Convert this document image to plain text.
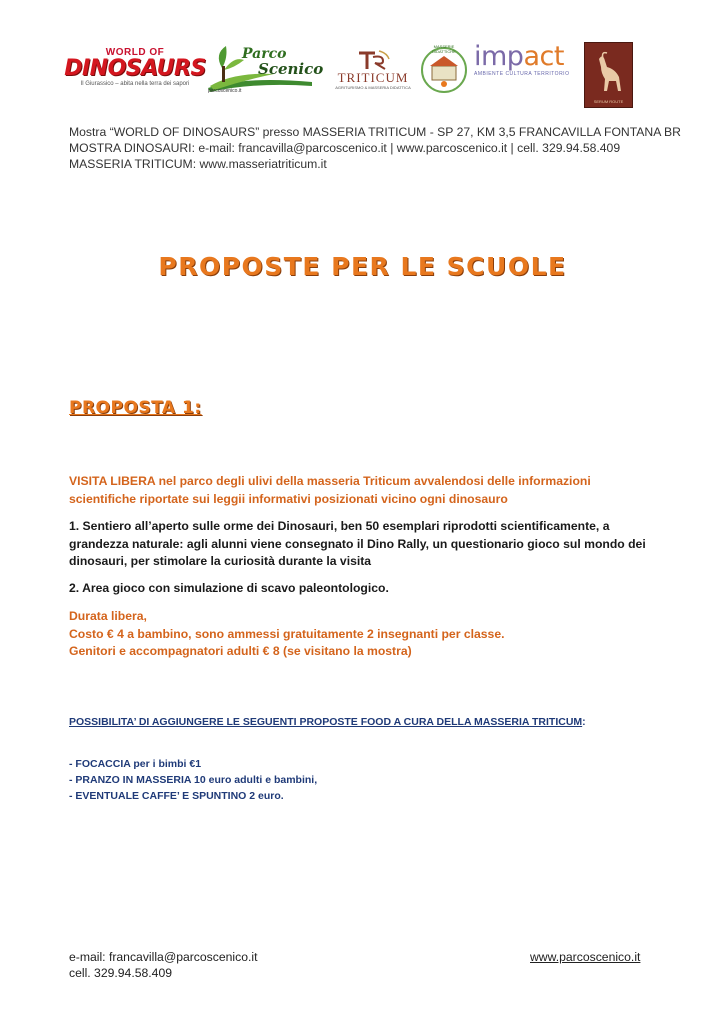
WORLD OF
DINOSAURS
Il Giurassico – abita nella terra dei sapori
Parco
Scenico
parcoscenico.it
TRITICUM
AGRITURISMO & MASSERIA DIDATTICA
MASSERIE DIDATTICHE impact
AMBIENTE CULTURA TERRITORIO
SERUM ROUTE
Mostra “WORLD OF DINOSAURS” presso MASSERIA TRITICUM - SP 27, KM 3,5 FRANCAVILLA FONTANA BR
MOSTRA DINOSAURI: e-mail: francavilla@parcoscenico.it | www.parcoscenico.it | cell. 329.94.58.409
MASSERIA TRITICUM: www.masseriatriticum.it
PROPOSTE PER LE SCUOLE
PROPOSTA 1:
VISITA LIBERA nel parco degli ulivi della masseria Triticum avvalendosi delle informazioni scientifiche riportate sui leggii informativi posizionati vicino ogni dinosauro
1. Sentiero all’aperto sulle orme dei Dinosauri, ben 50 esemplari riprodotti scientificamente, a grandezza naturale: agli alunni viene consegnato il Dino Rally, un questionario gioco sul mondo dei dinosauri, per stimolare la curiosità durante la visita
2. Area gioco con simulazione di scavo paleontologico.
Durata libera,
Costo € 4 a bambino, sono ammessi gratuitamente 2 insegnanti per classe.
Genitori e accompagnatori adulti € 8 (se visitano la mostra)
POSSIBILITA’ DI AGGIUNGERE LE SEGUENTI PROPOSTE FOOD A CURA DELLA MASSERIA TRITICUM:
- FOCACCIA per i bimbi €1
- PRANZO IN MASSERIA 10 euro adulti e bambini,
- EVENTUALE CAFFE’ E SPUNTINO 2 euro.
e-mail: francavilla@parcoscenico.it
cell. 329.94.58.409
www.parcoscenico.it
